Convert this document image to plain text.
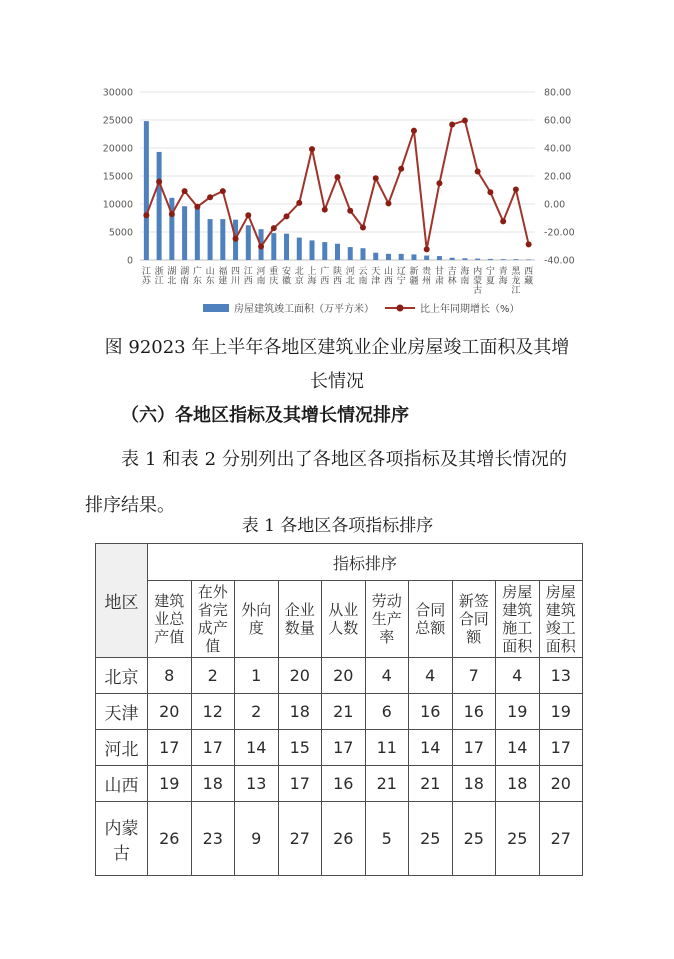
0
5000
10000
15000
20000
25000
30000
-40.00
-20.00
0.00
20.00
40.00
60.00
80.00
江
苏
浙
江
湖
北
湖
南
广
东
山
东
福
建
四
川
江
西
河
南
重
庆
安
徽
北
京
上
海
广
西
陕
西
河
北
云
南
天
津
山
西
辽
宁
新
疆
贵
州
甘
肃
吉
林
海
南
内
蒙
古
宁
夏
青
海
黑
龙
江
西
藏
房屋建筑竣工面积（万平方米）	比上年同期增长（%）
图 92023 年上半年各地区建筑业企业房屋竣工面积及其增长情况
（六）各地区指标及其增长情况排序
表 1 和表 2 分别列出了各地区各项指标及其增长情况的排序结果。
表 1 各地区各项指标排序
地区	指标排序									
	建筑业总产值	在外省完成产值	外向度	企业数量	从业人数	劳动生产率	合同总额	新签合同额	房屋建筑施工面积	房屋建筑竣工面积
北京	8	2	1	20	20	4	4	7	4	13
天津	20	12	2	18	21	6	16	16	19	19
河北	17	17	14	15	17	11	14	17	14	17
山西	19	18	13	17	16	21	21	18	18	20
内蒙古	26	23	9	27	26	5	25	25	25	27
